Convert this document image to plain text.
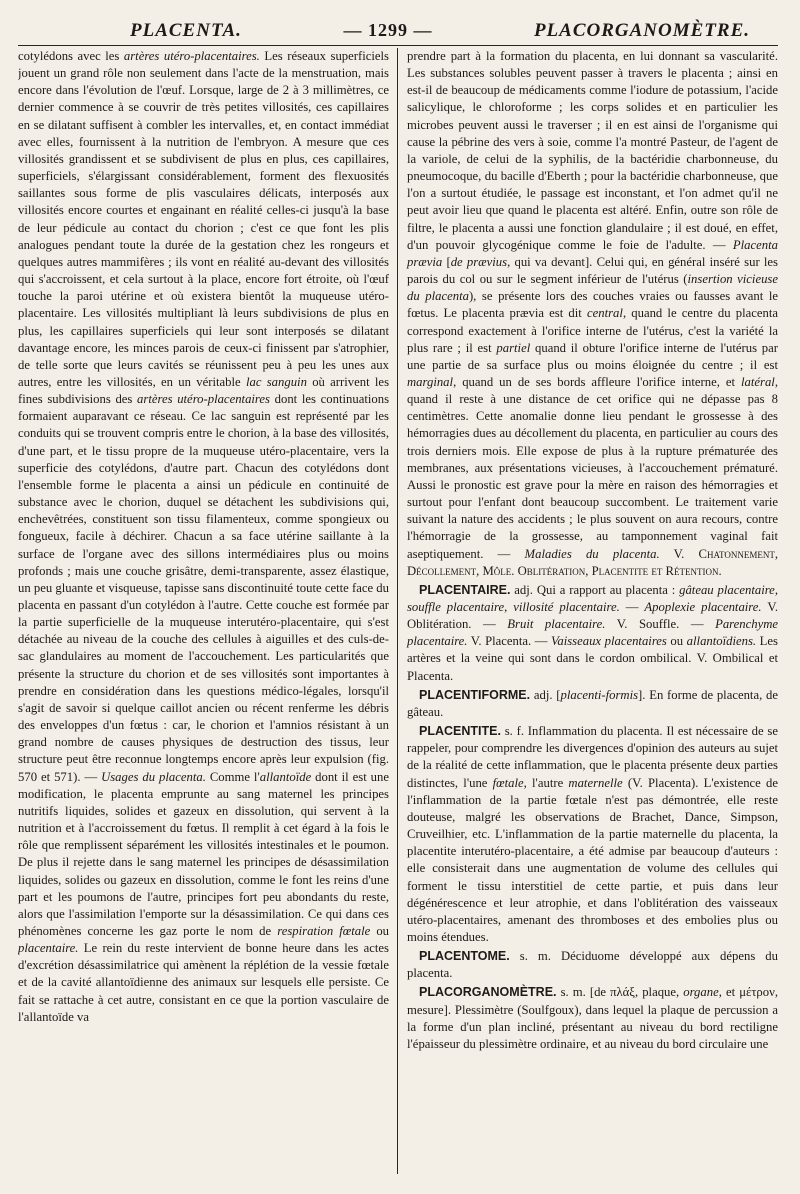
PLACENTA.	— 1299 —	PLACORGANOMÈTRE.

cotylédons avec les artères utéro-placentaires. Les réseaux superficiels jouent un grand rôle non seulement dans l'acte de la menstruation, mais encore dans l'évolution de l'œuf. Lorsque, large de 2 à 3 millimètres, ce dernier commence à se couvrir de très petites villosités, ces capillaires en se dilatant suffisent à combler les intervalles, et, en contact immédiat avec elles, fournissent à la nutrition de l'embryon. A mesure que ces villosités grandissent et se subdivisent de plus en plus, ces capillaires, superficiels, s'élargissant considérablement, forment des flexuosités saillantes sous forme de plis vasculaires délicats, interposés aux villosités encore courtes et engainant en réalité celles-ci jusqu'à la base de leur pédicule au contact du chorion ; c'est ce que font les plis analogues pendant toute la durée de la gestation chez les rongeurs et quelques autres mammifères ; ils vont en réalité au-devant des villosités qui s'accroissent, et cela surtout à la place, encore fort étroite, où l'œuf touche la paroi utérine et où existera bientôt la muqueuse utéro-placentaire. Les villosités multipliant là leurs subdivisions de plus en plus, les capillaires superficiels qui leur sont interposés se dilatant davantage encore, les minces parois de ceux-ci finissent par s'atrophier, de telle sorte que leurs cavités se réunissent peu à peu les unes aux autres, entre les villosités, en un véritable lac sanguin où arrivent les fines subdivisions des artères utéro-placentaires dont les continuations formaient auparavant ce réseau. Ce lac sanguin est représenté par les conduits qui se trouvent compris entre le chorion, à la base des villosités, d'une part, et le tissu propre de la muqueuse utéro-placentaire, vers la superficie des cotylédons, d'autre part. Chacun des cotylédons dont l'ensemble forme le placenta a ainsi un pédicule en continuité de substance avec le chorion, duquel se détachent les subdivisions qui, enchevêtrées, constituent son tissu filamenteux, comme spongieux ou fongueux, facile à déchirer. Chacun a sa face utérine saillante à la surface de l'organe avec des sillons intermédiaires plus ou moins profonds ; mais une couche grisâtre, demi-transparente, assez élastique, un peu gluante et visqueuse, tapisse sans discontinuité toute cette face du placenta en passant d'un cotylédon à l'autre. Cette couche est formée par la partie superficielle de la muqueuse interutéro-placentaire, qui s'est détachée au niveau de la couche des cellules à aiguilles et des culs-de-sac glandulaires au moment de l'accouchement. Les particularités que présente la structure du chorion et de ses villosités sont importantes à prendre en considération dans les questions médico-légales, lorsqu'il s'agit de savoir si quelque caillot ancien ou récent renferme les débris des enveloppes d'un fœtus : car, le chorion et l'amnios résistant à un grand nombre de causes physiques de destruction des tissus, leur structure peut être reconnue longtemps encore après leur expulsion (fig. 570 et 571). — Usages du placenta. Comme l'allantoïde dont il est une modification, le placenta emprunte au sang maternel les principes nutritifs liquides, solides et gazeux en dissolution, qui servent à la nutrition et à l'accroissement du fœtus. Il remplit à cet égard à la fois le rôle que remplissent séparément les villosités intestinales et le poumon. De plus il rejette dans le sang maternel les principes de désassimilation liquides, solides ou gazeux en dissolution, comme le font les reins d'une part et les poumons de l'autre, principes fort peu abondants du reste, alors que l'assimilation l'emporte sur la désassimilation. Ce qui dans ces phénomènes concerne les gaz porte le nom de respiration fœtale ou placentaire. Le rein du reste intervient de bonne heure dans les actes d'excrétion désassimilatrice qui amènent la réplétion de la vessie fœtale et de la cavité allantoïdienne des animaux sur lesquels elle persiste. Ce fait se rattache à cet autre, consistant en ce que la portion vasculaire de l'allantoïde va

prendre part à la formation du placenta, en lui donnant sa vascularité. Les substances solubles peuvent passer à travers le placenta ; ainsi en est-il de beaucoup de médicaments comme l'iodure de potassium, l'acide salicylique, le chloroforme ; les corps solides et en particulier les microbes peuvent aussi le traverser ; il en est ainsi de l'organisme qui cause la pébrine des vers à soie, comme l'a montré Pasteur, de l'agent de la variole, de celui de la syphilis, de la bactéridie charbonneuse, du pneumocoque, du bacille d'Eberth ; pour la bactéridie charbonneuse, que l'on a surtout étudiée, le passage est inconstant, et l'on admet qu'il ne peut avoir lieu que quand le placenta est altéré. Enfin, outre son rôle de filtre, le placenta a aussi une fonction glandulaire ; il est doué, en effet, d'un pouvoir glycogénique comme le foie de l'adulte. — Placenta prævia [de prævius, qui va devant]. Celui qui, en général inséré sur les parois du col ou sur le segment inférieur de l'utérus (insertion vicieuse du placenta), se présente lors des couches vraies ou fausses avant le fœtus. Le placenta prævia est dit central, quand le centre du placenta correspond exactement à l'orifice interne de l'utérus, c'est la variété la plus rare ; il est partiel quand il obture l'orifice interne de l'utérus par une partie de sa surface plus ou moins éloignée du centre ; il est marginal, quand un de ses bords affleure l'orifice interne, et latéral, quand il reste à une distance de cet orifice qui ne dépasse pas 8 centimètres. Cette anomalie donne lieu pendant le grossesse à des hémorragies dues au décollement du placenta, en particulier au cours des trois derniers mois. Elle expose de plus à la rupture prématurée des membranes, aux présentations vicieuses, à l'accouchement prématuré. Aussi le pronostic est grave pour la mère en raison des hémorragies et surtout pour l'enfant dont beaucoup succombent. Le traitement varie suivant la nature des accidents ; le plus souvent on aura recours, contre l'hémorragie de la grossesse, au tamponnement vaginal fait aseptiquement. — Maladies du placenta. V. Chatonnement, Décollement, Môle. Oblitération, Placentite et Rétention.

PLACENTAIRE. adj. Qui a rapport au placenta : gâteau placentaire, souffle placentaire, villosité placentaire. — Apoplexie placentaire. V. Oblitération. — Bruit placentaire. V. Souffle. — Parenchyme placentaire. V. Placenta. — Vaisseaux placentaires ou allantoïdiens. Les artères et la veine qui sont dans le cordon ombilical. V. Ombilical et Placenta.

PLACENTIFORME. adj. [placenti-formis]. En forme de placenta, de gâteau.

PLACENTITE. s. f. Inflammation du placenta. Il est nécessaire de se rappeler, pour comprendre les divergences d'opinion des auteurs au sujet de la réalité de cette inflammation, que le placenta présente deux parties distinctes, l'une fœtale, l'autre maternelle (V. Placenta). L'existence de l'inflammation de la partie fœtale n'est pas démontrée, elle reste douteuse, malgré les observations de Brachet, Dance, Simpson, Cruveilhier, etc. L'inflammation de la partie maternelle du placenta, la placentite interutéro-placentaire, a été admise par beaucoup d'auteurs : elle consisterait dans une augmentation de volume des cellules qui forment le tissu interstitiel de cette partie, et puis dans leur dégénérescence et leur atrophie, et dans l'oblitération des vaisseaux utéro-placentaires, amenant des thromboses et des embolies plus ou moins étendues.

PLACENTOME. s. m. Déciduome développé aux dépens du placenta.

PLACORGANOMÈTRE. s. m. [de πλάξ, plaque, organe, et μέτρον, mesure]. Plessimètre (Soulfgoux), dans lequel la plaque de percussion a la forme d'un plan incliné, présentant au niveau du bord rectiligne l'épaisseur du plessimètre ordinaire, et au niveau du bord circulaire une
